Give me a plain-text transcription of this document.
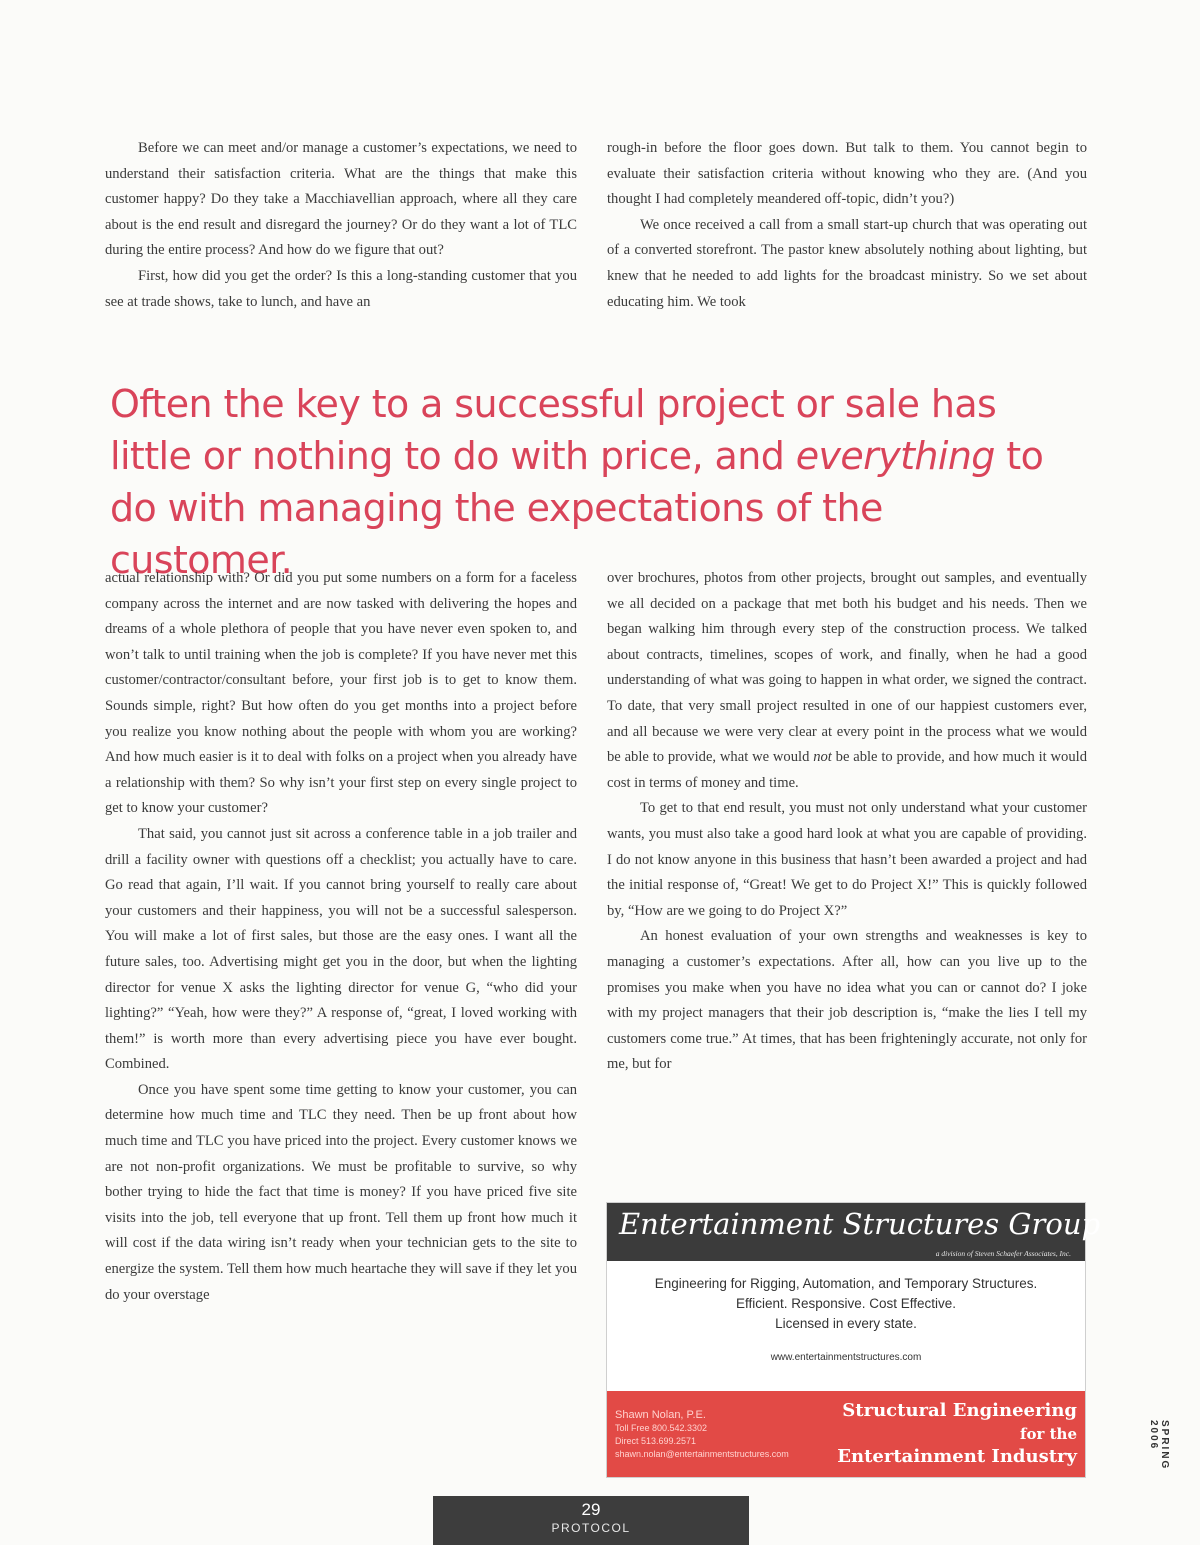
Before we can meet and/or manage a customer’s expectations, we need to understand their satisfaction criteria. What are the things that make this customer happy? Do they take a Macchiavellian approach, where all they care about is the end result and disregard the journey? Or do they want a lot of TLC during the entire process? And how do we figure that out?

First, how did you get the order? Is this a long-standing customer that you see at trade shows, take to lunch, and have an

rough-in before the floor goes down. But talk to them. You cannot begin to evaluate their satisfaction criteria without knowing who they are. (And you thought I had completely meandered off-topic, didn’t you?)

We once received a call from a small start-up church that was operating out of a converted storefront. The pastor knew absolutely nothing about lighting, but knew that he needed to add lights for the broadcast ministry. So we set about educating him. We took

Often the key to a successful project or sale has little or nothing to do with price, and everything to do with managing the expectations of the customer.

actual relationship with? Or did you put some numbers on a form for a faceless company across the internet and are now tasked with delivering the hopes and dreams of a whole plethora of people that you have never even spoken to, and won’t talk to until training when the job is complete? If you have never met this customer/contractor/consultant before, your first job is to get to know them. Sounds simple, right? But how often do you get months into a project before you realize you know nothing about the people with whom you are working? And how much easier is it to deal with folks on a project when you already have a relationship with them? So why isn’t your first step on every single project to get to know your customer?

That said, you cannot just sit across a conference table in a job trailer and drill a facility owner with questions off a checklist; you actually have to care. Go read that again, I’ll wait. If you cannot bring yourself to really care about your customers and their happiness, you will not be a successful salesperson. You will make a lot of first sales, but those are the easy ones. I want all the future sales, too. Advertising might get you in the door, but when the lighting director for venue X asks the lighting director for venue G, “who did your lighting?” “Yeah, how were they?” A response of, “great, I loved working with them!” is worth more than every advertising piece you have ever bought. Combined.

Once you have spent some time getting to know your customer, you can determine how much time and TLC they need. Then be up front about how much time and TLC you have priced into the project. Every customer knows we are not non-profit organizations. We must be profitable to survive, so why bother trying to hide the fact that time is money? If you have priced five site visits into the job, tell everyone that up front. Tell them up front how much it will cost if the data wiring isn’t ready when your technician gets to the site to energize the system. Tell them how much heartache they will save if they let you do your overstage

over brochures, photos from other projects, brought out samples, and eventually we all decided on a package that met both his budget and his needs. Then we began walking him through every step of the construction process. We talked about contracts, timelines, scopes of work, and finally, when he had a good understanding of what was going to happen in what order, we signed the contract. To date, that very small project resulted in one of our happiest customers ever, and all because we were very clear at every point in the process what we would be able to provide, what we would not be able to provide, and how much it would cost in terms of money and time.

To get to that end result, you must not only understand what your customer wants, you must also take a good hard look at what you are capable of providing. I do not know anyone in this business that hasn’t been awarded a project and had the initial response of, “Great! We get to do Project X!” This is quickly followed by, “How are we going to do Project X?”

An honest evaluation of your own strengths and weaknesses is key to managing a customer’s expectations. After all, how can you live up to the promises you make when you have no idea what you can or cannot do? I joke with my project managers that their job description is, “make the lies I tell my customers come true.” At times, that has been frighteningly accurate, not only for me, but for

Entertainment Structures Group
a division of Steven Schaefer Associates, Inc.
Engineering for Rigging, Automation, and Temporary Structures.
Efficient. Responsive. Cost Effective.
Licensed in every state.
www.entertainmentstructures.com
Shawn Nolan, P.E.
Toll Free 800.542.3302
Direct 513.699.2571
shawn.nolan@entertainmentstructures.com
Structural Engineering
for the
Entertainment Industry
29
PROTOCOL
SPRING 2006
